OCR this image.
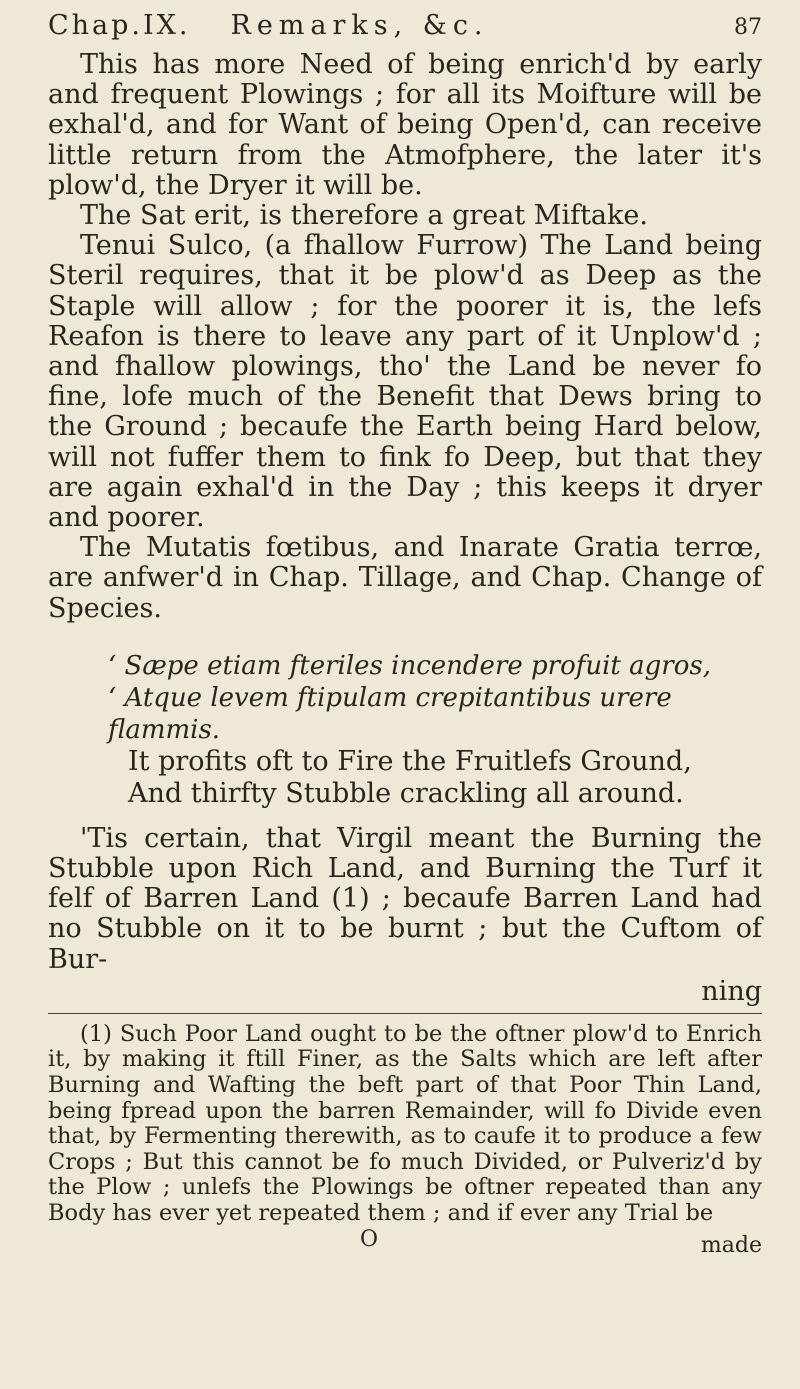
Chap.IX. Remarks, &c.	87

This has more Need of being enrich'd by early and frequent Plowings ; for all its Moifture will be exhal'd, and for Want of being Open'd, can receive little return from the Atmofphere, the later it's plow'd, the Dryer it will be.

The Sat erit, is therefore a great Miftake.

Tenui Sulco, (a fhallow Furrow) The Land being Steril requires, that it be plow'd as Deep as the Staple will allow ; for the poorer it is, the lefs Reafon is there to leave any part of it Unplow'd ; and fhallow plowings, tho' the Land be never fo fine, lofe much of the Benefit that Dews bring to the Ground ; becaufe the Earth being Hard below, will not fuffer them to fink fo Deep, but that they are again exhal'd in the Day ; this keeps it dryer and poorer.

The Mutatis fœtibus, and Inarate Gratia terrœ, are anfwer'd in Chap. Tillage, and Chap. Change of Species.

‘ Sæpe etiam fteriles incendere profuit agros,
‘ Atque levem ftipulam crepitantibus urere flammis.
It profits oft to Fire the Fruitlefs Ground,
And thirfty Stubble crackling all around.

'Tis certain, that Virgil meant the Burning the Stubble upon Rich Land, and Burning the Turf it felf of Barren Land (1) ; becaufe Barren Land had no Stubble on it to be burnt ; but the Cuftom of Bur-

ning

(1) Such Poor Land ought to be the oftner plow'd to Enrich it, by making it ftill Finer, as the Salts which are left after Burning and Wafting the beft part of that Poor Thin Land, being fpread upon the barren Remainder, will fo Divide even that, by Fermenting therewith, as to caufe it to produce a few Crops ; But this cannot be fo much Divided, or Pulveriz'd by the Plow ; unlefs the Plowings be oftner repeated than any Body has ever yet repeated them ; and if ever any Trial be

O	made
